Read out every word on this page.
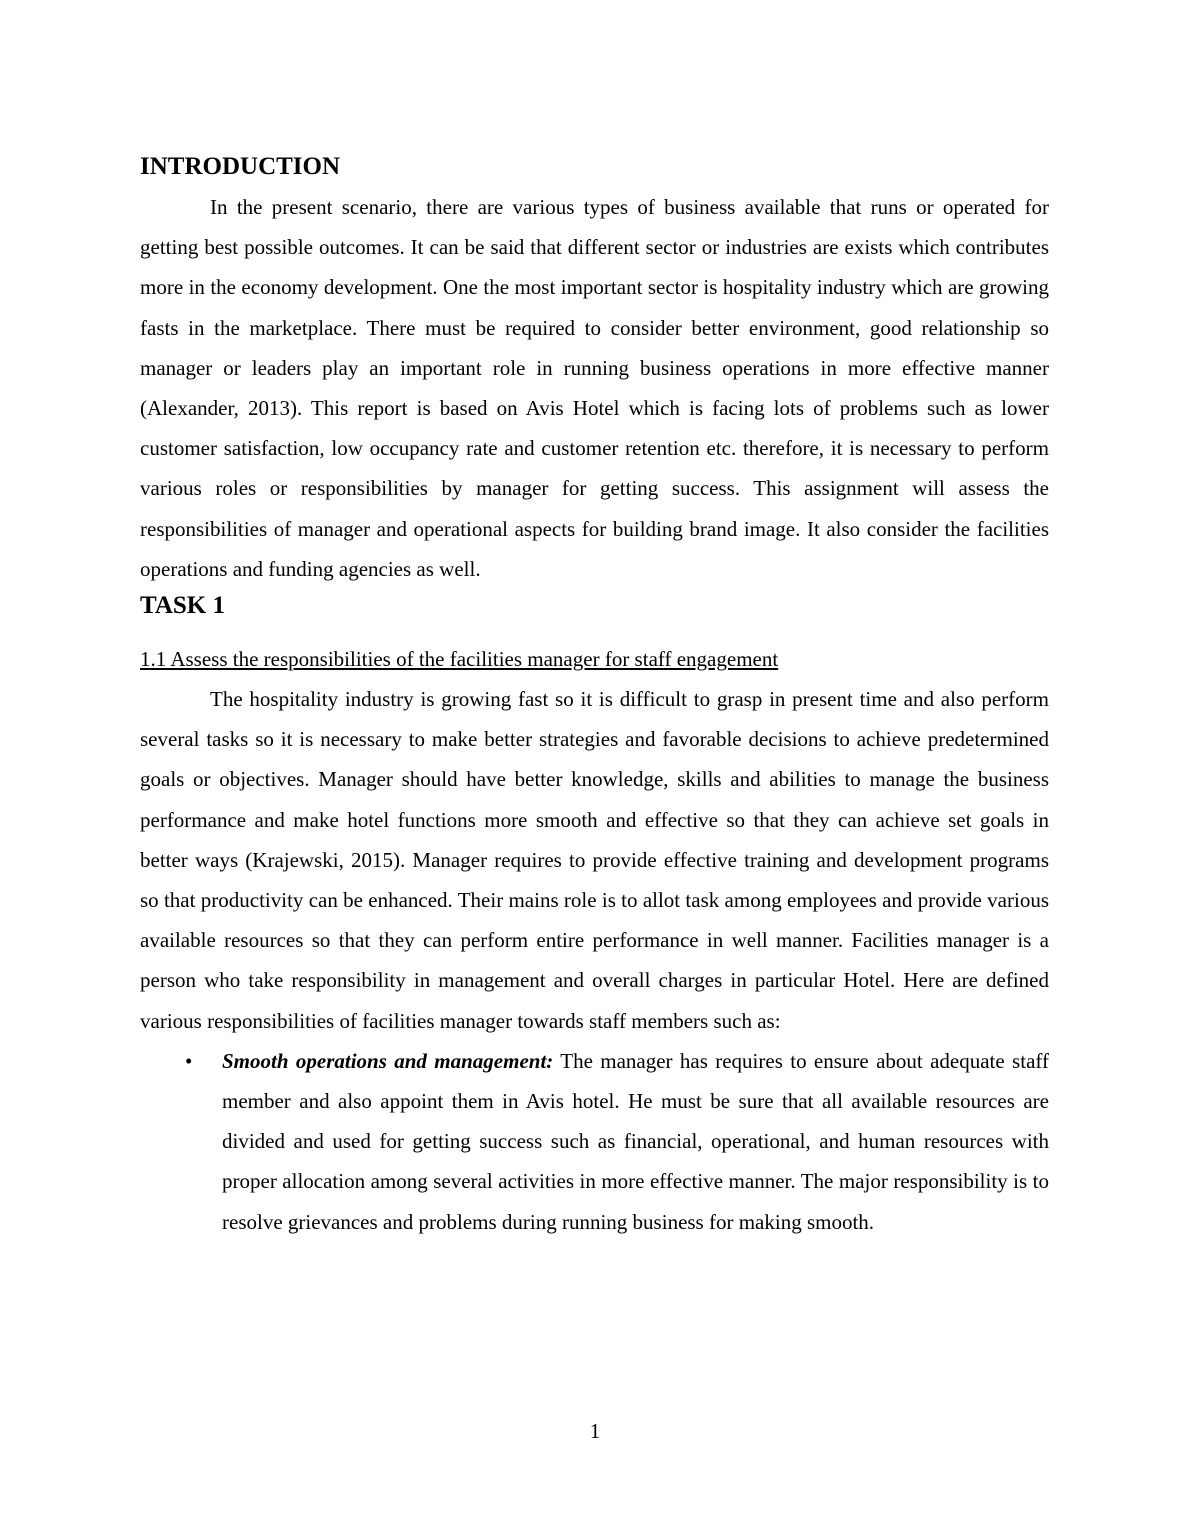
INTRODUCTION

In the present scenario, there are various types of business available that runs or operated for getting best possible outcomes. It can be said that different sector or industries are exists which contributes more in the economy development. One the most important sector is hospitality industry which are growing fasts in the marketplace. There must be required to consider better environment, good relationship so manager or leaders play an important role in running business operations in more effective manner (Alexander, 2013). This report is based on Avis Hotel which is facing lots of problems such as lower customer satisfaction, low occupancy rate and customer retention etc. therefore, it is necessary to perform various roles or responsibilities by manager for getting success. This assignment will assess the responsibilities of manager and operational aspects for building brand image. It also consider the facilities operations and funding agencies as well.

TASK 1

1.1 Assess the responsibilities of the facilities manager for staff engagement

The hospitality industry is growing fast so it is difficult to grasp in present time and also perform several tasks so it is necessary to make better strategies and favorable decisions to achieve predetermined goals or objectives. Manager should have better knowledge, skills and abilities to manage the business performance and make hotel functions more smooth and effective so that they can achieve set goals in better ways (Krajewski, 2015). Manager requires to provide effective training and development programs so that productivity can be enhanced. Their mains role is to allot task among employees and provide various available resources so that they can perform entire performance in well manner. Facilities manager is a person who take responsibility in management and overall charges in particular Hotel. Here are defined various responsibilities of facilities manager towards staff members such as:

• Smooth operations and management: The manager has requires to ensure about adequate staff member and also appoint them in Avis hotel. He must be sure that all available resources are divided and used for getting success such as financial, operational, and human resources with proper allocation among several activities in more effective manner. The major responsibility is to resolve grievances and problems during running business for making smooth.
1
